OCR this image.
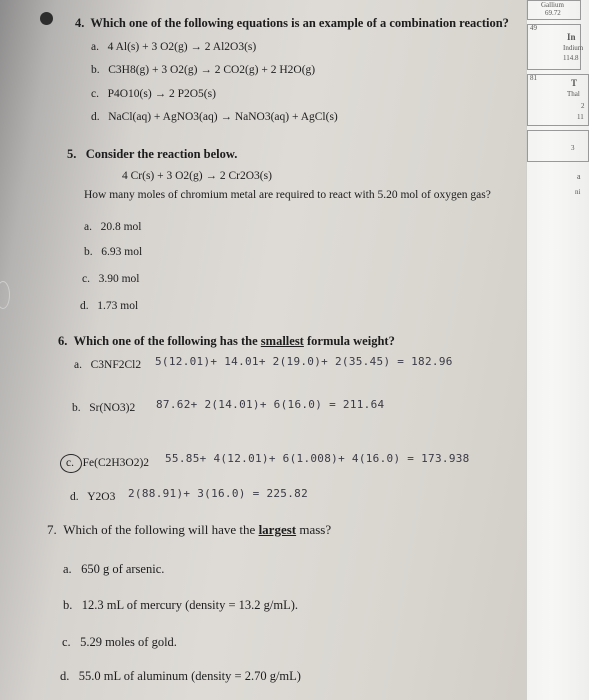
4. Which one of the following equations is an example of a combination reaction?
a. 4 Al(s) + 3 O2(g) → 2 Al2O3(s)
b. C3H8(g) + 3 O2(g) → 2 CO2(g) + 2 H2O(g)
c. P4O10(s) → 2 P2O5(s)
d. NaCl(aq) + AgNO3(aq) → NaNO3(aq) + AgCl(s)
5. Consider the reaction below.
4 Cr(s) + 3 O2(g) → 2 Cr2O3(s)
How many moles of chromium metal are required to react with 5.20 mol of oxygen gas?
a. 20.8 mol
b. 6.93 mol
c. 3.90 mol
d. 1.73 mol
6. Which one of the following has the smallest formula weight?
a. C3NF2Cl2 5(12.01)+ 14.01+ 2(19.0)+ 2(35.45) = 182.96
b. Sr(NO3)2 87.62+ 2(14.01)+ 6(16.0) = 211.64
c. Fe(C2H3O2)2 55.85+ 4(12.01)+ 6(1.008)+ 4(16.0) = 173.938
d. Y2O3 2(88.91)+ 3(16.0) = 225.82
7. Which of the following will have the largest mass?
a. 650 g of arsenic.
b. 12.3 mL of mercury (density = 13.2 g/mL).
c. 5.29 moles of gold.
d. 55.0 mL of aluminum (density = 2.70 g/mL)
Gallium
69.72
49
In
Indium
114.8
81	T
Thal
2
11
3
a
ni
